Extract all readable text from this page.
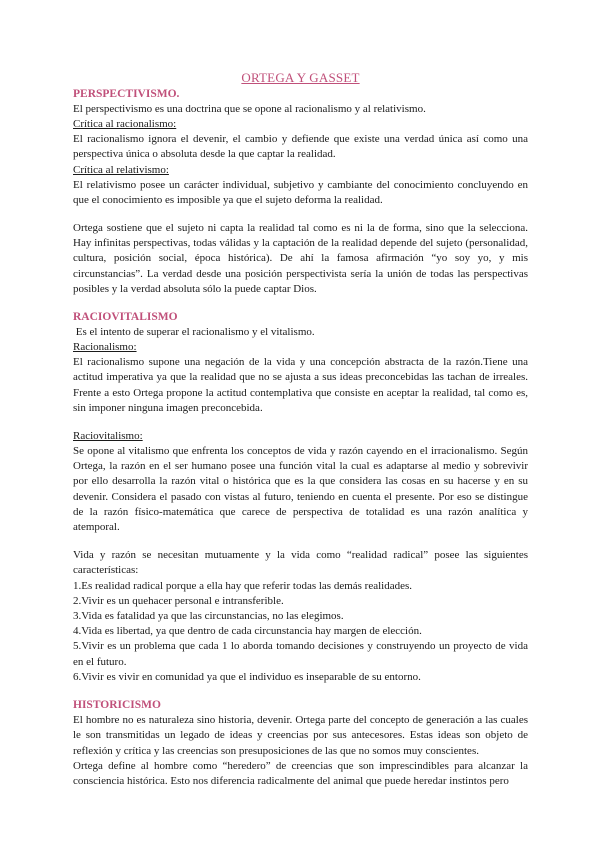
ORTEGA Y GASSET
PERSPECTIVISMO.

El perspectivismo es una doctrina que se opone al racionalismo y al relativismo.

Crítica al racionalismo:

El racionalismo ignora el devenir, el cambio y defiende que existe una verdad única así como una perspectiva única o absoluta desde la que captar la realidad.

Crítica al relativismo:

El relativismo posee un carácter individual, subjetivo y cambiante del conocimiento concluyendo en que el conocimiento es imposible ya que el sujeto deforma la realidad.

Ortega sostiene que el sujeto ni capta la realidad tal como es ni la de forma, sino que la selecciona. Hay infinitas perspectivas, todas válidas y la captación de la realidad depende del sujeto (personalidad, cultura, posición social, época histórica). De ahí la famosa afirmación “yo soy yo, y mis circunstancias”. La verdad desde una posición perspectivista sería la unión de todas las perspectivas posibles y la verdad absoluta sólo la puede captar Dios.

RACIOVITALISMO

Es el intento de superar el racionalismo y el vitalismo.

Racionalismo:

El racionalismo supone una negación de la vida y una concepción abstracta de la razón.Tiene una actitud imperativa ya que la realidad que no se ajusta a sus ideas preconcebidas las tachan de irreales. Frente a esto Ortega propone la actitud contemplativa que consiste en aceptar la realidad, tal como es, sin imponer ninguna imagen preconcebida.

Raciovitalismo:

Se opone al vitalismo que enfrenta los conceptos de vida y razón cayendo en el irracionalismo. Según Ortega, la razón en el ser humano posee una función vital la cual es adaptarse al medio y sobrevivir por ello desarrolla la razón vital o histórica que es la que considera las cosas en su hacerse y en su devenir. Considera el pasado con vistas al futuro, teniendo en cuenta el presente. Por eso se distingue de la razón físico-matemática que carece de perspectiva de totalidad es una razón analítica y atemporal.

Vida y razón se necesitan mutuamente y la vida como “realidad radical” posee las siguientes características:

1.Es realidad radical porque a ella hay que referir todas las demás realidades.
2.Vivir es un quehacer personal e intransferible.
3.Vida es fatalidad ya que las circunstancias, no las elegimos.
4.Vida es libertad, ya que dentro de cada circunstancia hay margen de elección.
5.Vivir es un problema que cada 1 lo aborda tomando decisiones y construyendo un proyecto de vida en el futuro.
6.Vivir es vivir en comunidad ya que el individuo es inseparable de su entorno.
HISTORICISMO

El hombre no es naturaleza sino historia, devenir. Ortega parte del concepto de generación a las cuales le son transmitidas un legado de ideas y creencias por sus antecesores. Estas ideas son objeto de reflexión y crítica y las creencias son presuposiciones de las que no somos muy conscientes.

Ortega define al hombre como “heredero” de creencias que son imprescindibles para alcanzar la consciencia histórica. Esto nos diferencia radicalmente del animal que puede heredar instintos pero
